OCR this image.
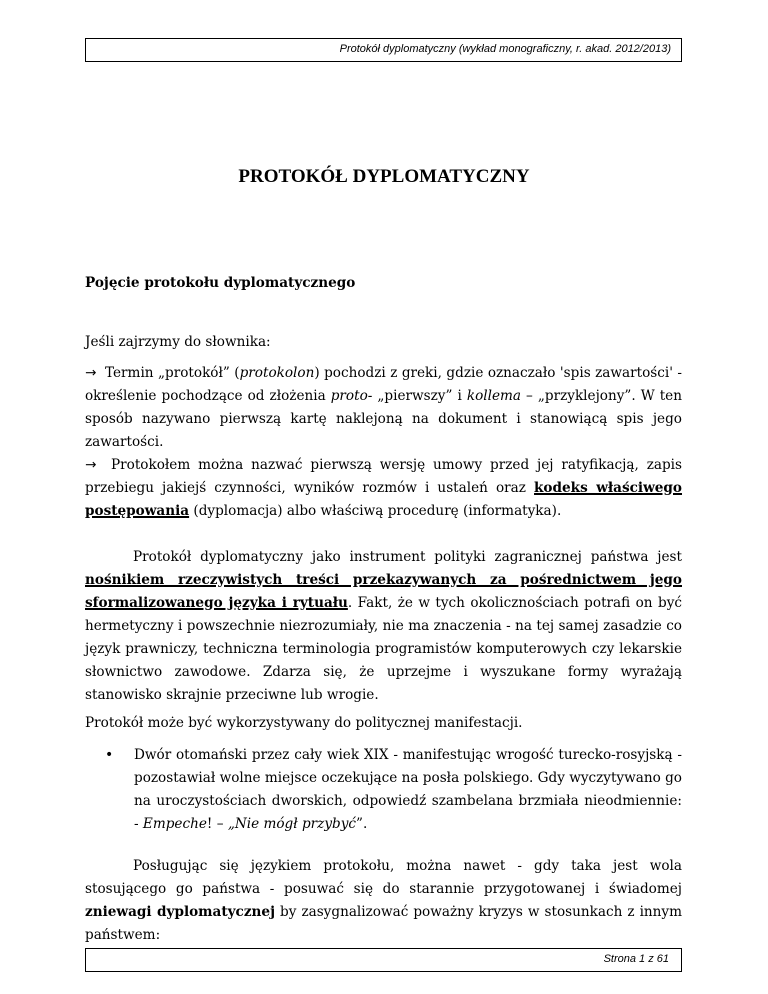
Protokół dyplomatyczny (wykład monograficzny, r. akad. 2012/2013)
PROTOKÓŁ DYPLOMATYCZNY
Pojęcie protokołu dyplomatycznego
Jeśli zajrzymy do słownika:
→ Termin „protokół” (protokolon) pochodzi z greki, gdzie oznaczało 'spis zawartości' - określenie pochodzące od złożenia proto- „pierwszy” i kollema – „przyklejony”. W ten sposób nazywano pierwszą kartę naklejoną na dokument i stanowiącą spis jego zawartości.
→ Protokołem można nazwać pierwszą wersję umowy przed jej ratyfikacją, zapis przebiegu jakiejś czynności, wyników rozmów i ustaleń oraz kodeks właściwego postępowania (dyplomacja) albo właściwą procedurę (informatyka).
Protokół dyplomatyczny jako instrument polityki zagranicznej państwa jest nośnikiem rzeczywistych treści przekazywanych za pośrednictwem jego sformalizowanego języka i rytuału. Fakt, że w tych okolicznościach potrafi on być hermetyczny i powszechnie niezrozumiały, nie ma znaczenia - na tej samej zasadzie co język prawniczy, techniczna terminologia programistów komputerowych czy lekarskie słownictwo zawodowe. Zdarza się, że uprzejme i wyszukane formy wyrażają stanowisko skrajnie przeciwne lub wrogie.
Protokół może być wykorzystywany do politycznej manifestacji.
• Dwór otomański przez cały wiek XIX - manifestując wrogość turecko-rosyjską - pozostawiał wolne miejsce oczekujące na posła polskiego. Gdy wyczytywano go na uroczystościach dworskich, odpowiedź szambelana brzmiała nieodmiennie: - Empeche! – „Nie mógł przybyć”.
Posługując się językiem protokołu, można nawet - gdy taka jest wola stosującego go państwa - posuwać się do starannie przygotowanej i świadomej zniewagi dyplomatycznej by zasygnalizować poważny kryzys w stosunkach z innym państwem:
Strona 1 z 61
